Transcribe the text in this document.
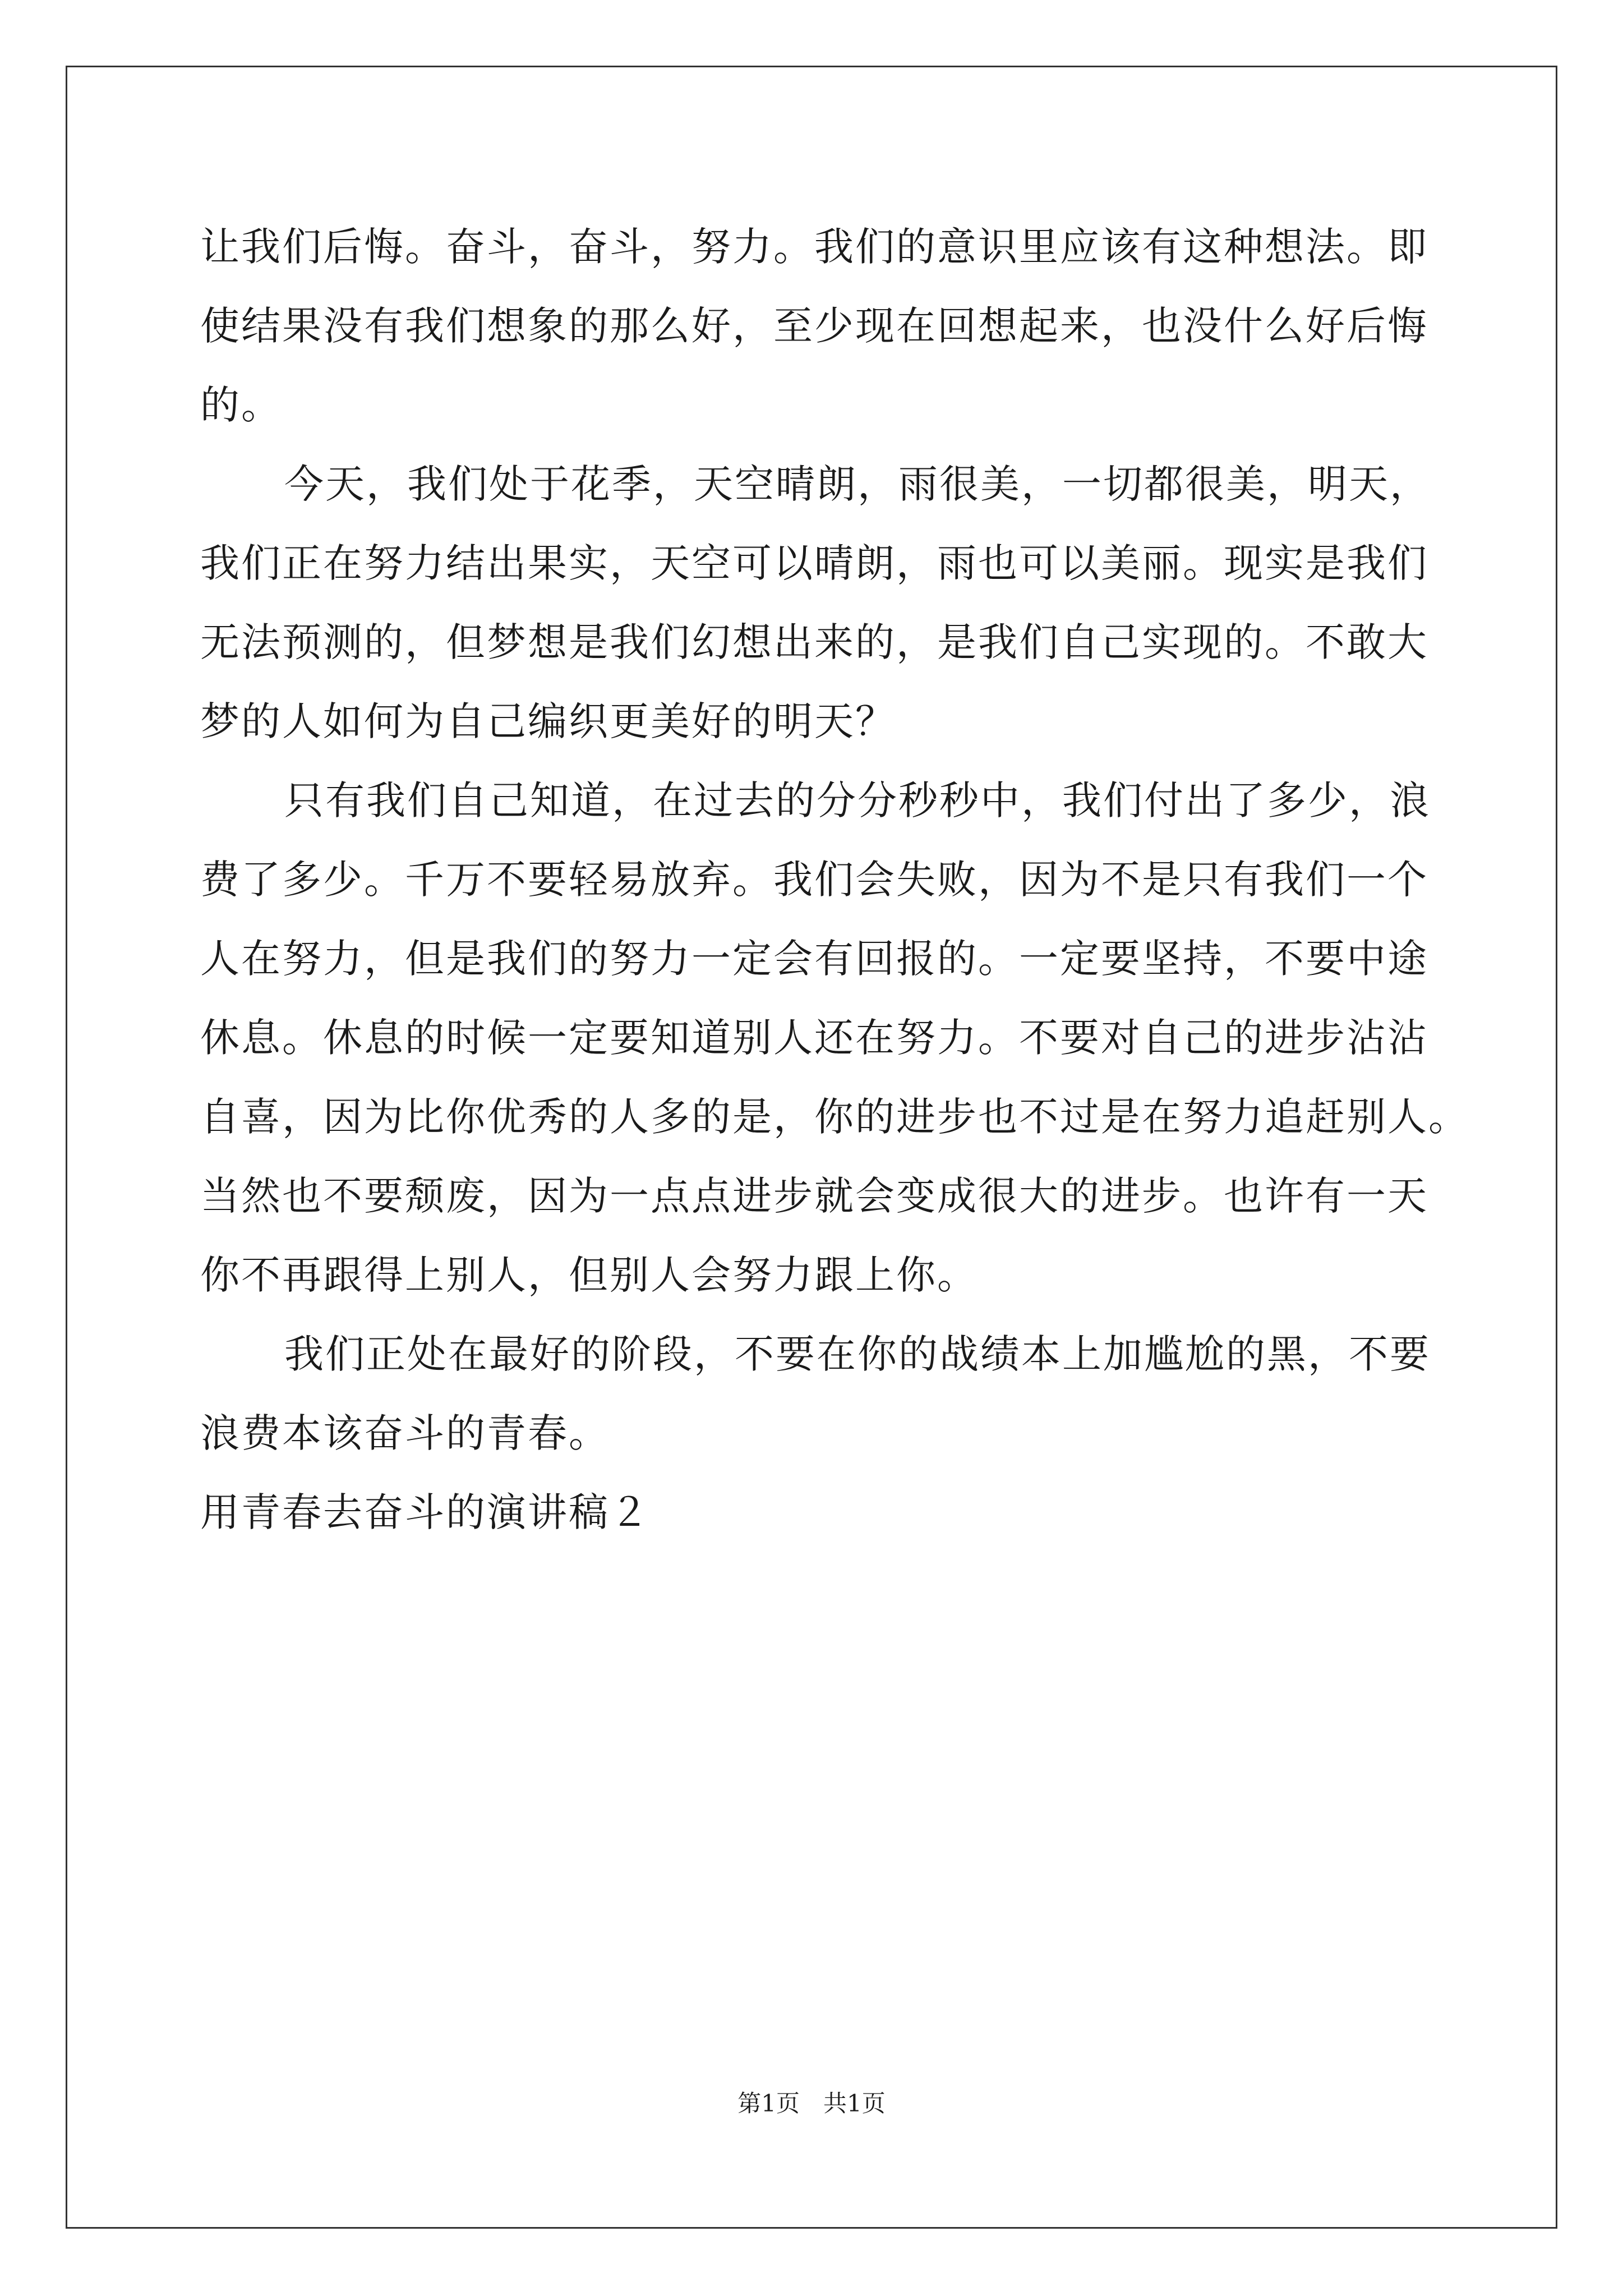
让我们后悔。奋斗，奋斗，努力。我们的意识里应该有这种想法。即
使结果没有我们想象的那么好，至少现在回想起来，也没什么好后悔
的。
今天，我们处于花季，天空晴朗，雨很美，一切都很美，明天，
我们正在努力结出果实，天空可以晴朗，雨也可以美丽。现实是我们
无法预测的，但梦想是我们幻想出来的，是我们自己实现的。不敢大
梦的人如何为自己编织更美好的明天？
只有我们自己知道，在过去的分分秒秒中，我们付出了多少，浪
费了多少。千万不要轻易放弃。我们会失败，因为不是只有我们一个
人在努力，但是我们的努力一定会有回报的。一定要坚持，不要中途
休息。休息的时候一定要知道别人还在努力。不要对自己的进步沾沾
自喜，因为比你优秀的人多的是，你的进步也不过是在努力追赶别人。
当然也不要颓废，因为一点点进步就会变成很大的进步。也许有一天
你不再跟得上别人，但别人会努力跟上你。
我们正处在最好的阶段，不要在你的战绩本上加尴尬的黑，不要
浪费本该奋斗的青春。
用青春去奋斗的演讲稿２
第1页　共1页
